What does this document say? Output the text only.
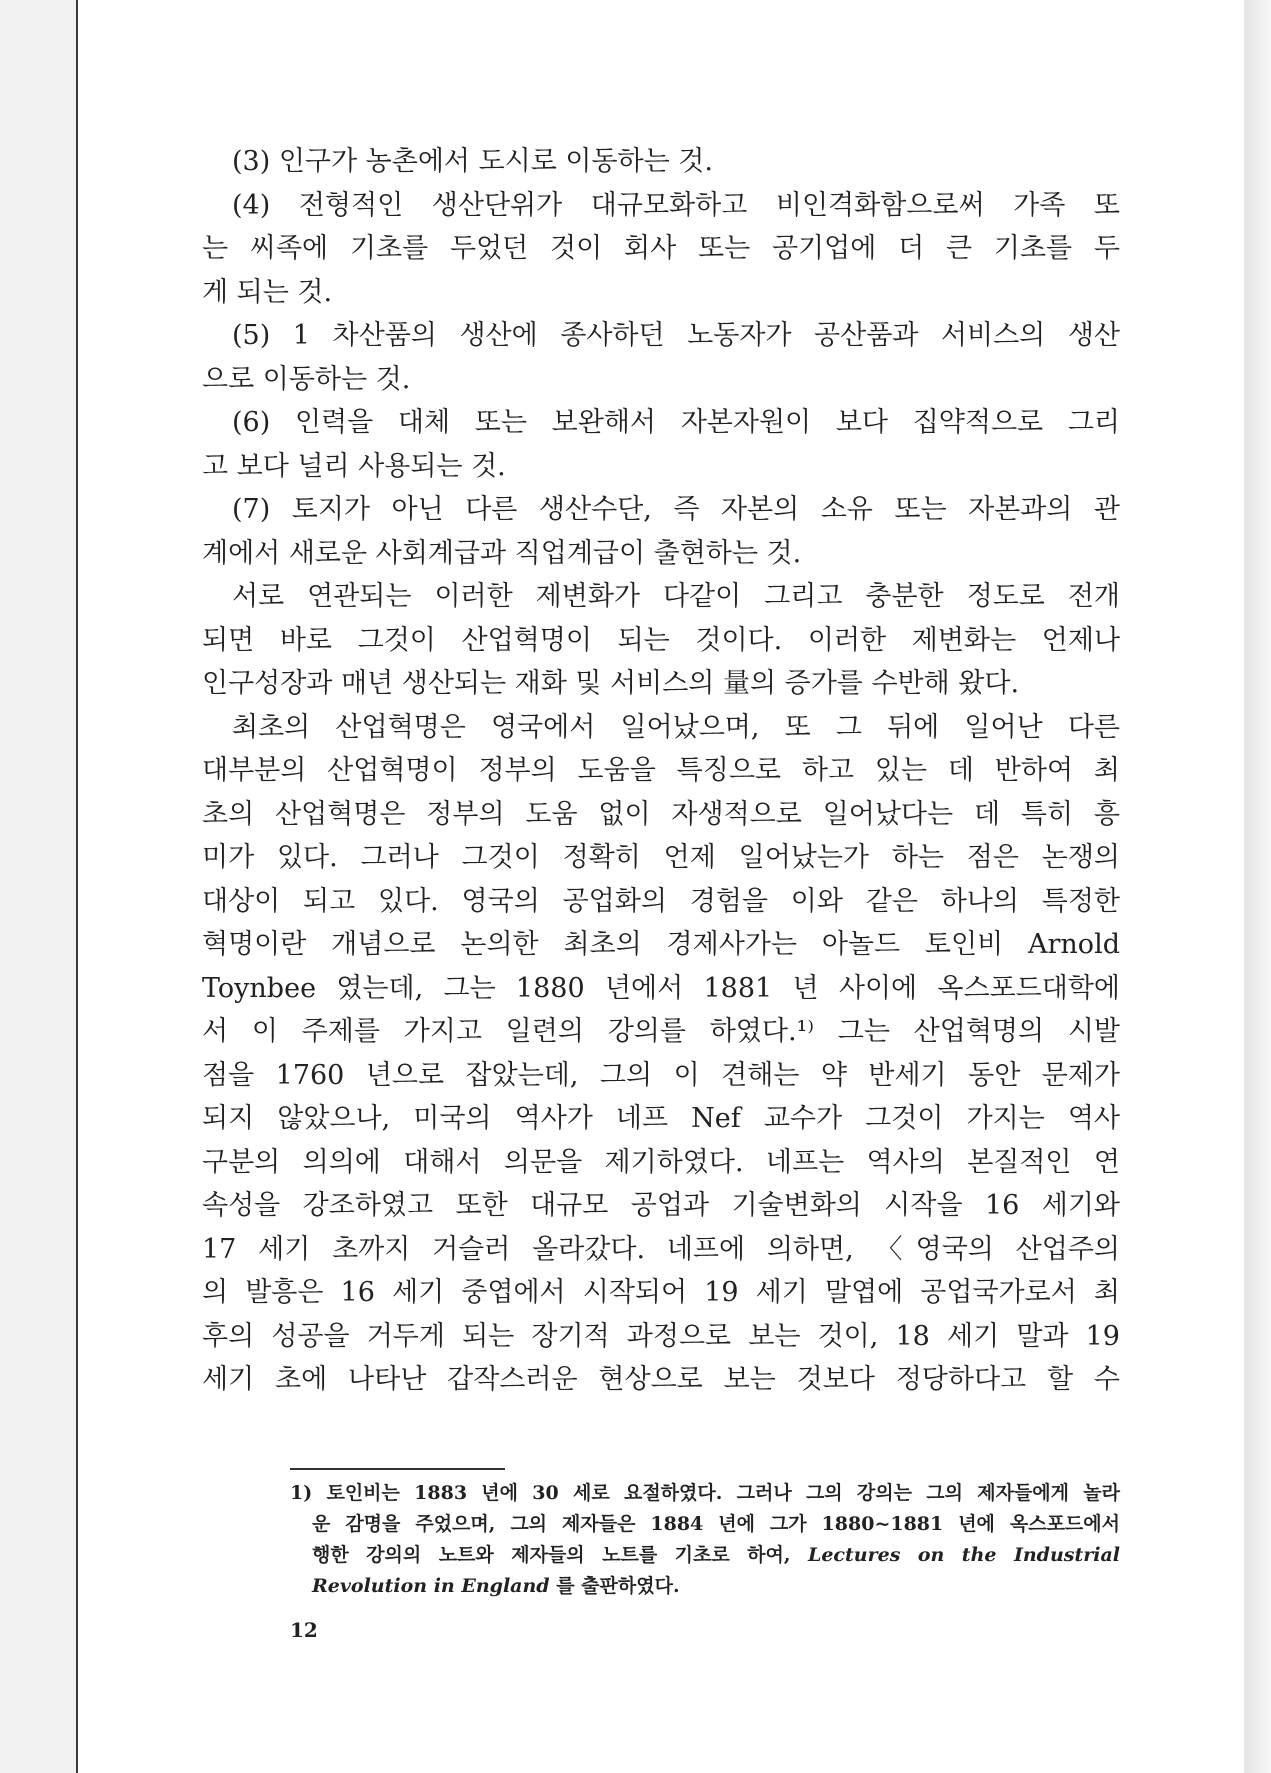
(3) 인구가 농촌에서 도시로 이동하는 것.
(4) 전형적인 생산단위가 대규모화하고 비인격화함으로써 가족 또
는 씨족에 기초를 두었던 것이 회사 또는 공기업에 더 큰 기초를 두
게 되는 것.
(5) 1 차산품의 생산에 종사하던 노동자가 공산품과 서비스의 생산
으로 이동하는 것.
(6) 인력을 대체 또는 보완해서 자본자원이 보다 집약적으로 그리
고 보다 널리 사용되는 것.
(7) 토지가 아닌 다른 생산수단, 즉 자본의 소유 또는 자본과의 관
계에서 새로운 사회계급과 직업계급이 출현하는 것.
서로 연관되는 이러한 제변화가 다같이 그리고 충분한 정도로 전개
되면 바로 그것이 산업혁명이 되는 것이다. 이러한 제변화는 언제나
인구성장과 매년 생산되는 재화 및 서비스의 量의 증가를 수반해 왔다.
최초의 산업혁명은 영국에서 일어났으며, 또 그 뒤에 일어난 다른
대부분의 산업혁명이 정부의 도움을 특징으로 하고 있는 데 반하여 최
초의 산업혁명은 정부의 도움 없이 자생적으로 일어났다는 데 특히 흥
미가 있다. 그러나 그것이 정확히 언제 일어났는가 하는 점은 논쟁의
대상이 되고 있다. 영국의 공업화의 경험을 이와 같은 하나의 특정한
혁명이란 개념으로 논의한 최초의 경제사가는 아놀드 토인비 Arnold
Toynbee 였는데, 그는 1880 년에서 1881 년 사이에 옥스포드대학에
서 이 주제를 가지고 일련의 강의를 하였다.¹⁾ 그는 산업혁명의 시발
점을 1760 년으로 잡았는데, 그의 이 견해는 약 반세기 동안 문제가
되지 않았으나, 미국의 역사가 네프 Nef 교수가 그것이 가지는 역사
구분의 의의에 대해서 의문을 제기하였다. 네프는 역사의 본질적인 연
속성을 강조하였고 또한 대규모 공업과 기술변화의 시작을 16 세기와
17 세기 초까지 거슬러 올라갔다. 네프에 의하면, 〈영국의 산업주의
의 발흥은 16 세기 중엽에서 시작되어 19 세기 말엽에 공업국가로서 최
후의 성공을 거두게 되는 장기적 과정으로 보는 것이, 18 세기 말과 19
세기 초에 나타난 갑작스러운 현상으로 보는 것보다 정당하다고 할 수
1) 토인비는 1883 년에 30 세로 요절하였다. 그러나 그의 강의는 그의 제자들에게 놀라
운 감명을 주었으며, 그의 제자들은 1884 년에 그가 1880~1881 년에 옥스포드에서
행한 강의의 노트와 제자들의 노트를 기초로 하여, Lectures on the Industrial
Revolution in England 를 출판하였다.
12
